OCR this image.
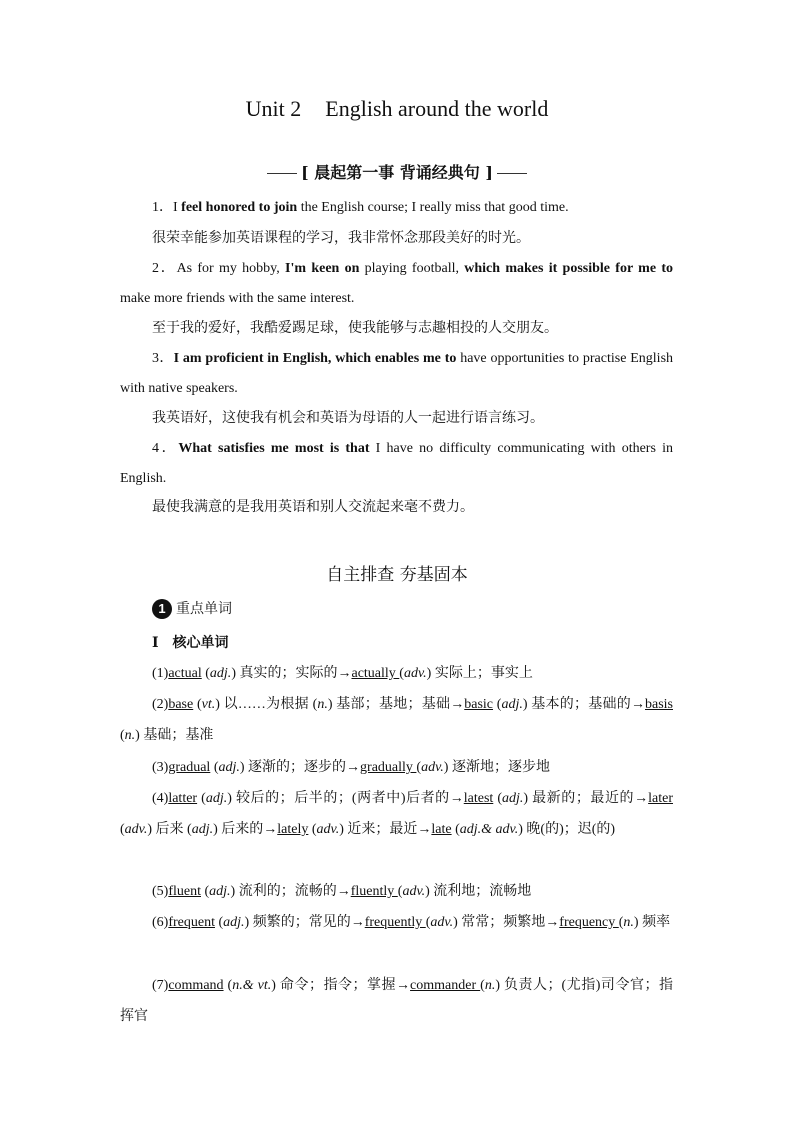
Unit 2 English around the world
[ 晨起第一事 背诵经典句 ]
1．I feel honored to join the English course; I really miss that good time.
很荣幸能参加英语课程的学习，我非常怀念那段美好的时光。
2．As for my hobby, I'm keen on playing football, which makes it possible for me to make more friends with the same interest.
至于我的爱好，我酷爱踢足球，使我能够与志趣相投的人交朋友。
3．I am proficient in English, which enables me to have opportunities to practise English with native speakers.
我英语好，这使我有机会和英语为母语的人一起进行语言练习。
4．What satisfies me most is that I have no difficulty communicating with others in English.
最使我满意的是我用英语和别人交流起来毫不费力。
自主排查 夯基固本
1 重点单词
Ⅰ　核心单词
(1)actual (adj.) 真实的；实际的→actually (adv.) 实际上；事实上
(2)base (vt.) 以……为根据 (n.) 基部；基地；基础→basic (adj.) 基本的；基础的→basis (n.) 基础；基准
(3)gradual (adj.) 逐渐的；逐步的→gradually (adv.) 逐渐地；逐步地
(4)latter (adj.) 较后的；后半的；(两者中)后者的→latest (adj.) 最新的；最近的→later (adv.) 后来 (adj.) 后来的→lately (adv.) 近来；最近→late (adj.& adv.) 晚(的)；迟(的)
(5)fluent (adj.) 流利的；流畅的→fluently (adv.) 流利地；流畅地
(6)frequent (adj.) 频繁的；常见的→frequently (adv.) 常常；频繁地→frequency (n.) 频率
(7)command (n.& vt.) 命令；指令；掌握→commander (n.) 负责人；(尤指)司令官；指挥官
